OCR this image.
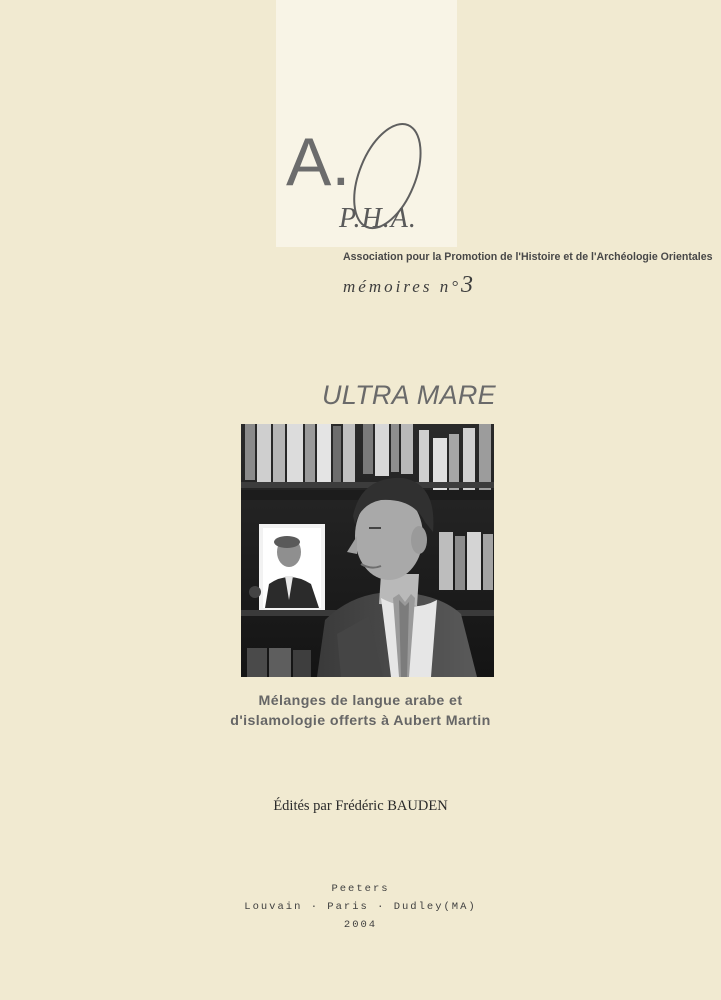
A.
P.H.A.
Association pour la Promotion de l'Histoire et de l'Archéologie Orientales
mémoires n°3
ULTRA MARE
Mélanges de langue arabe et
d'islamologie offerts à Aubert Martin
Édités par Frédéric BAUDEN
Peeters
Louvain · Paris · Dudley(MA)
2004
